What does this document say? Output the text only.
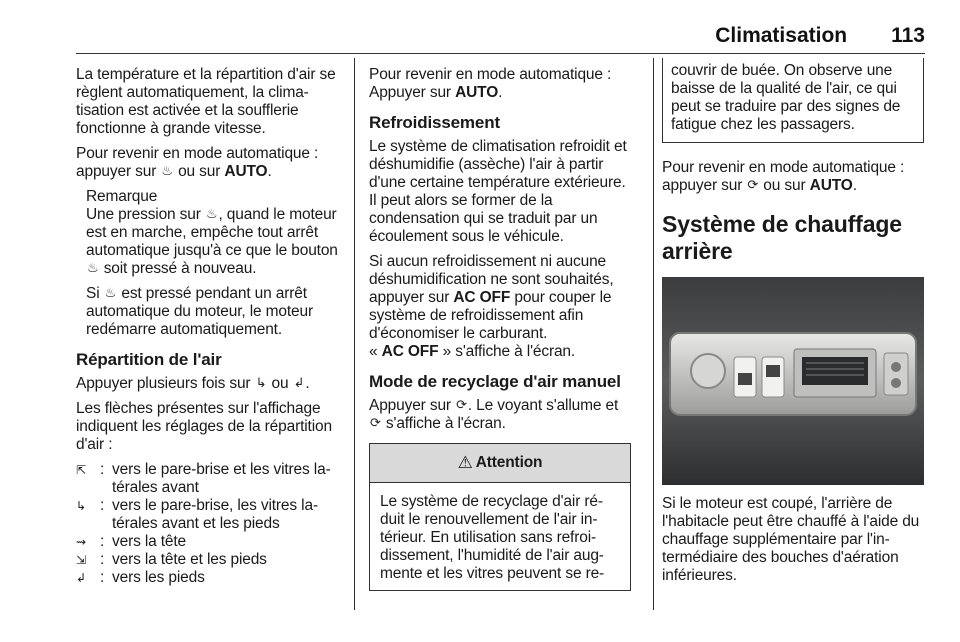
Climatisation 113

La température et la répartition d'air se règlent automatiquement, la climatisation est activée et la soufflerie fonctionne à grande vitesse.

Pour revenir en mode automatique : appuyer sur ♨ ou sur AUTO.

Remarque

Une pression sur ♨, quand le moteur est en marche, empêche tout arrêt automatique jusqu'à ce que le bouton ♨ soit pressé à nouveau.

Si ♨ est pressé pendant un arrêt automatique du moteur, le moteur redémarre automatiquement.

Répartition de l'air

Appuyer plusieurs fois sur ↳ ou ↲.

Les flèches présentes sur l'affichage indiquent les réglages de la répartition d'air :

⇱ : vers le pare-brise et les vitres latérales avant
↳ : vers le pare-brise, les vitres latérales avant et les pieds
⇝ : vers la tête
⇲ : vers la tête et les pieds
↲ : vers les pieds

Pour revenir en mode automatique : Appuyer sur AUTO.

Refroidissement

Le système de climatisation refroidit et déshumidifie (assèche) l'air à partir d'une certaine température extérieure. Il peut alors se former de la condensation qui se traduit par un écoulement sous le véhicule.

Si aucun refroidissement ni aucune déshumidification ne sont souhaités, appuyer sur AC OFF pour couper le système de refroidissement afin d'économiser le carburant.
« AC OFF » s'affiche à l'écran.

Mode de recyclage d'air manuel

Appuyer sur ⟳. Le voyant s'allume et ⟳ s'affiche à l'écran.

⚠ Attention
Le système de recyclage d'air réduit le renouvellement de l'air intérieur. En utilisation sans refroidissement, l'humidité de l'air augmente et les vitres peuvent se re-
couvrir de buée. On observe une baisse de la qualité de l'air, ce qui peut se traduire par des signes de fatigue chez les passagers.

Pour revenir en mode automatique : appuyer sur ⟳ ou sur AUTO.

Système de chauffage arrière

Si le moteur est coupé, l'arrière de l'habitacle peut être chauffé à l'aide du chauffage supplémentaire par l'intermédiaire des bouches d'aération inférieures.
